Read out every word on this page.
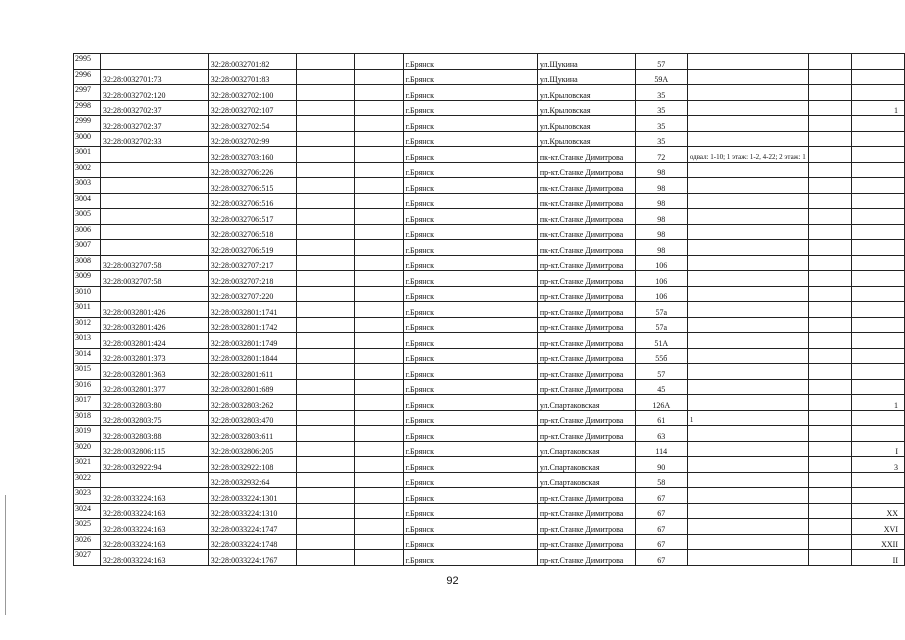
2995		32:28:0032701:82			г.Брянск	ул.Щукина	57			
2996	32:28:0032701:73	32:28:0032701:83			г.Брянск	ул.Щукина	59А			
2997	32:28:0032702:120	32:28:0032702:100			г.Брянск	ул.Крыловская	35			
2998	32:28:0032702:37	32:28:0032702:107			г.Брянск	ул.Крыловская	35			1
2999	32:28:0032702:37	32:28:0032702:54			г.Брянск	ул.Крыловская	35			
3000	32:28:0032702:33	32:28:0032702:99			г.Брянск	ул.Крыловская	35			
3001		32:28:0032703:160			г.Брянск	пк-кт.Станке Димитрова	72	одвал: 1-10; 1 этаж: 1-2, 4-22; 2 этаж: 1		
3002		32:28:0032706:226			г.Брянск	пр-кт.Станке Димитрова	98			
3003		32:28:0032706:515			г.Брянск	пк-кт.Станке Димитрова	98			
3004		32:28:0032706:516			г.Брянск	пк-кт.Станке Димитрова	98			
3005		32:28:0032706:517			г.Брянск	пк-кт.Станке Димитрова	98			
3006		32:28:0032706:518			г.Брянск	пк-кт.Станке Димитрова	98			
3007		32:28:0032706:519			г.Брянск	пк-кт.Станке Димитрова	98			
3008	32:28:0032707:58	32:28:0032707:217			г.Брянск	пр-кт.Станке Димитрова	106			
3009	32:28:0032707:58	32:28:0032707:218			г.Брянск	пр-кт.Станке Димитрова	106			
3010		32:28:0032707:220			г.Брянск	пр-кт.Станке Димитрова	106			
3011	32:28:0032801:426	32:28:0032801:1741			г.Брянск	пр-кт.Станке Димитрова	57а			
3012	32:28:0032801:426	32:28:0032801:1742			г.Брянск	пр-кт.Станке Димитрова	57а			
3013	32:28:0032801:424	32:28:0032801:1749			г.Брянск	пр-кт.Станке Димитрова	51А			
3014	32:28:0032801:373	32:28:0032801:1844			г.Брянск	пр-кт.Станке Димитрова	55б			
3015	32:28:0032801:363	32:28:0032801:611			г.Брянск	пр-кт.Станке Димитрова	57			
3016	32:28:0032801:377	32:28:0032801:689			г.Брянск	пр-кт.Станке Димитрова	45			
3017	32:28:0032803:80	32:28:0032803:262			г.Брянск	ул.Спартаковская	126А			1
3018	32:28:0032803:75	32:28:0032803:470			г.Брянск	пр-кт.Станке Димитрова	61	1		
3019	32:28:0032803:88	32:28:0032803:611			г.Брянск	пр-кт.Станке Димитрова	63			
3020	32:28:0032806:115	32:28:0032806:205			г.Брянск	ул.Спартаковская	114			I
3021	32:28:0032922:94	32:28:0032922:108			г.Брянск	ул.Спартаковская	90			3
3022		32:28:0032932:64			г.Брянск	ул.Спартаковская	58			
3023	32:28:0033224:163	32:28:0033224:1301			г.Брянск	пр-кт.Станке Димитрова	67			
3024	32:28:0033224:163	32:28:0033224:1310			г.Брянск	пр-кт.Станке Димитрова	67			XX
3025	32:28:0033224:163	32:28:0033224:1747			г.Брянск	пр-кт.Станке Димитрова	67			XVI
3026	32:28:0033224:163	32:28:0033224:1748			г.Брянск	пр-кт.Станке Димитрова	67			XXII
3027	32:28:0033224:163	32:28:0033224:1767			г.Брянск	пр-кт.Станке Димитрова	67			II
92
